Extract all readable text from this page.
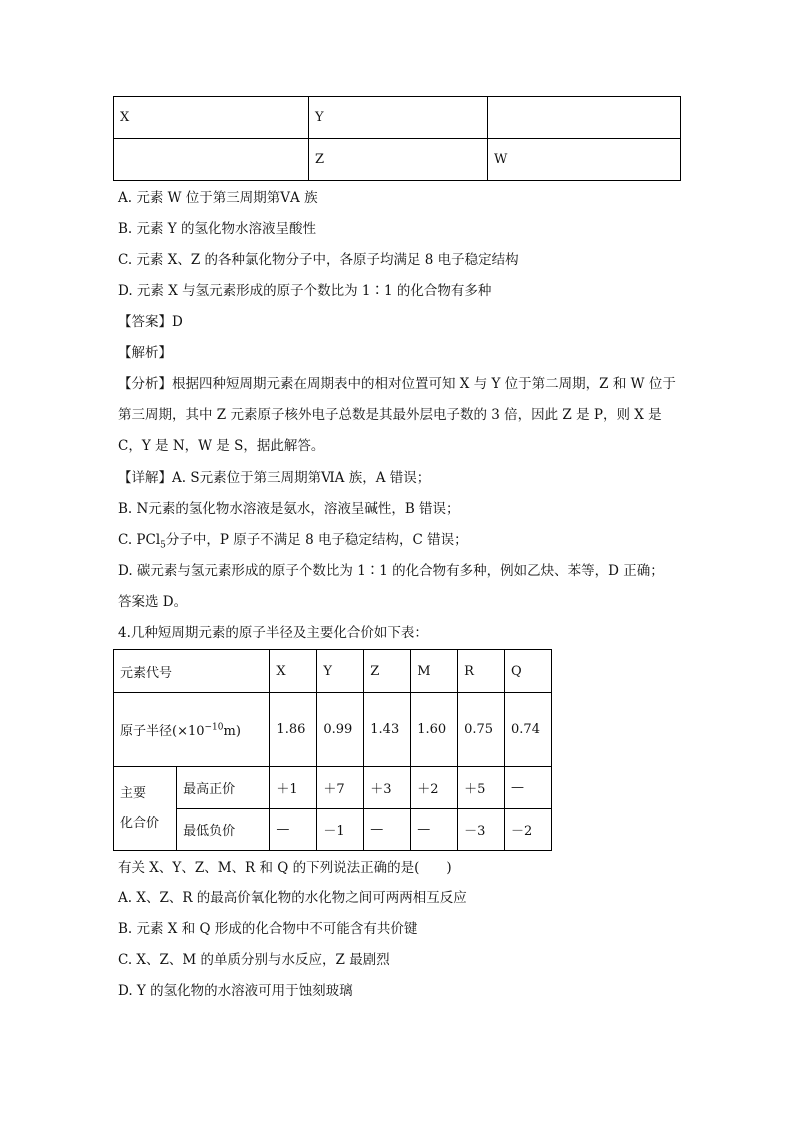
X	Y	
	Z	W
A. 元素 W 位于第三周期第ⅤA 族
B. 元素 Y 的氢化物水溶液呈酸性
C. 元素 X、Z 的各种氯化物分子中，各原子均满足 8 电子稳定结构
D. 元素 X 与氢元素形成的原子个数比为 1∶1 的化合物有多种
【答案】D
【解析】
【分析】根据四种短周期元素在周期表中的相对位置可知 X 与 Y 位于第二周期，Z 和 W 位于第三周期，其中 Z 元素原子核外电子总数是其最外层电子数的 3 倍，因此 Z 是 P，则 X 是 C，Y 是 N，W 是 S，据此解答。
【详解】A. S元素位于第三周期第ⅥA 族，A 错误；
B. N元素的氢化物水溶液是氨水，溶液呈碱性，B 错误；
C. PCl$_5$分子中，P 原子不满足 8 电子稳定结构，C 错误；
D. 碳元素与氢元素形成的原子个数比为 1∶1 的化合物有多种，例如乙炔、苯等，D 正确；
答案选 D。
4.几种短周期元素的原子半径及主要化合价如下表：
元素代号		X	Y	Z	M	R	Q
原子半径$(\times 10^{-10}m)$		1.86	0.99	1.43	1.60	0.75	0.74
主要
化合价	最高正价	＋1	＋7	＋3	＋2	＋5	—
	最低负价	—	－1	—	—	－3	－2
有关 X、Y、Z、M、R 和 Q 的下列说法正确的是(　　)
A. X、Z、R 的最高价氧化物的水化物之间可两两相互反应
B. 元素 X 和 Q 形成的化合物中不可能含有共价键
C. X、Z、M 的单质分别与水反应，Z 最剧烈
D. Y 的氢化物的水溶液可用于蚀刻玻璃
